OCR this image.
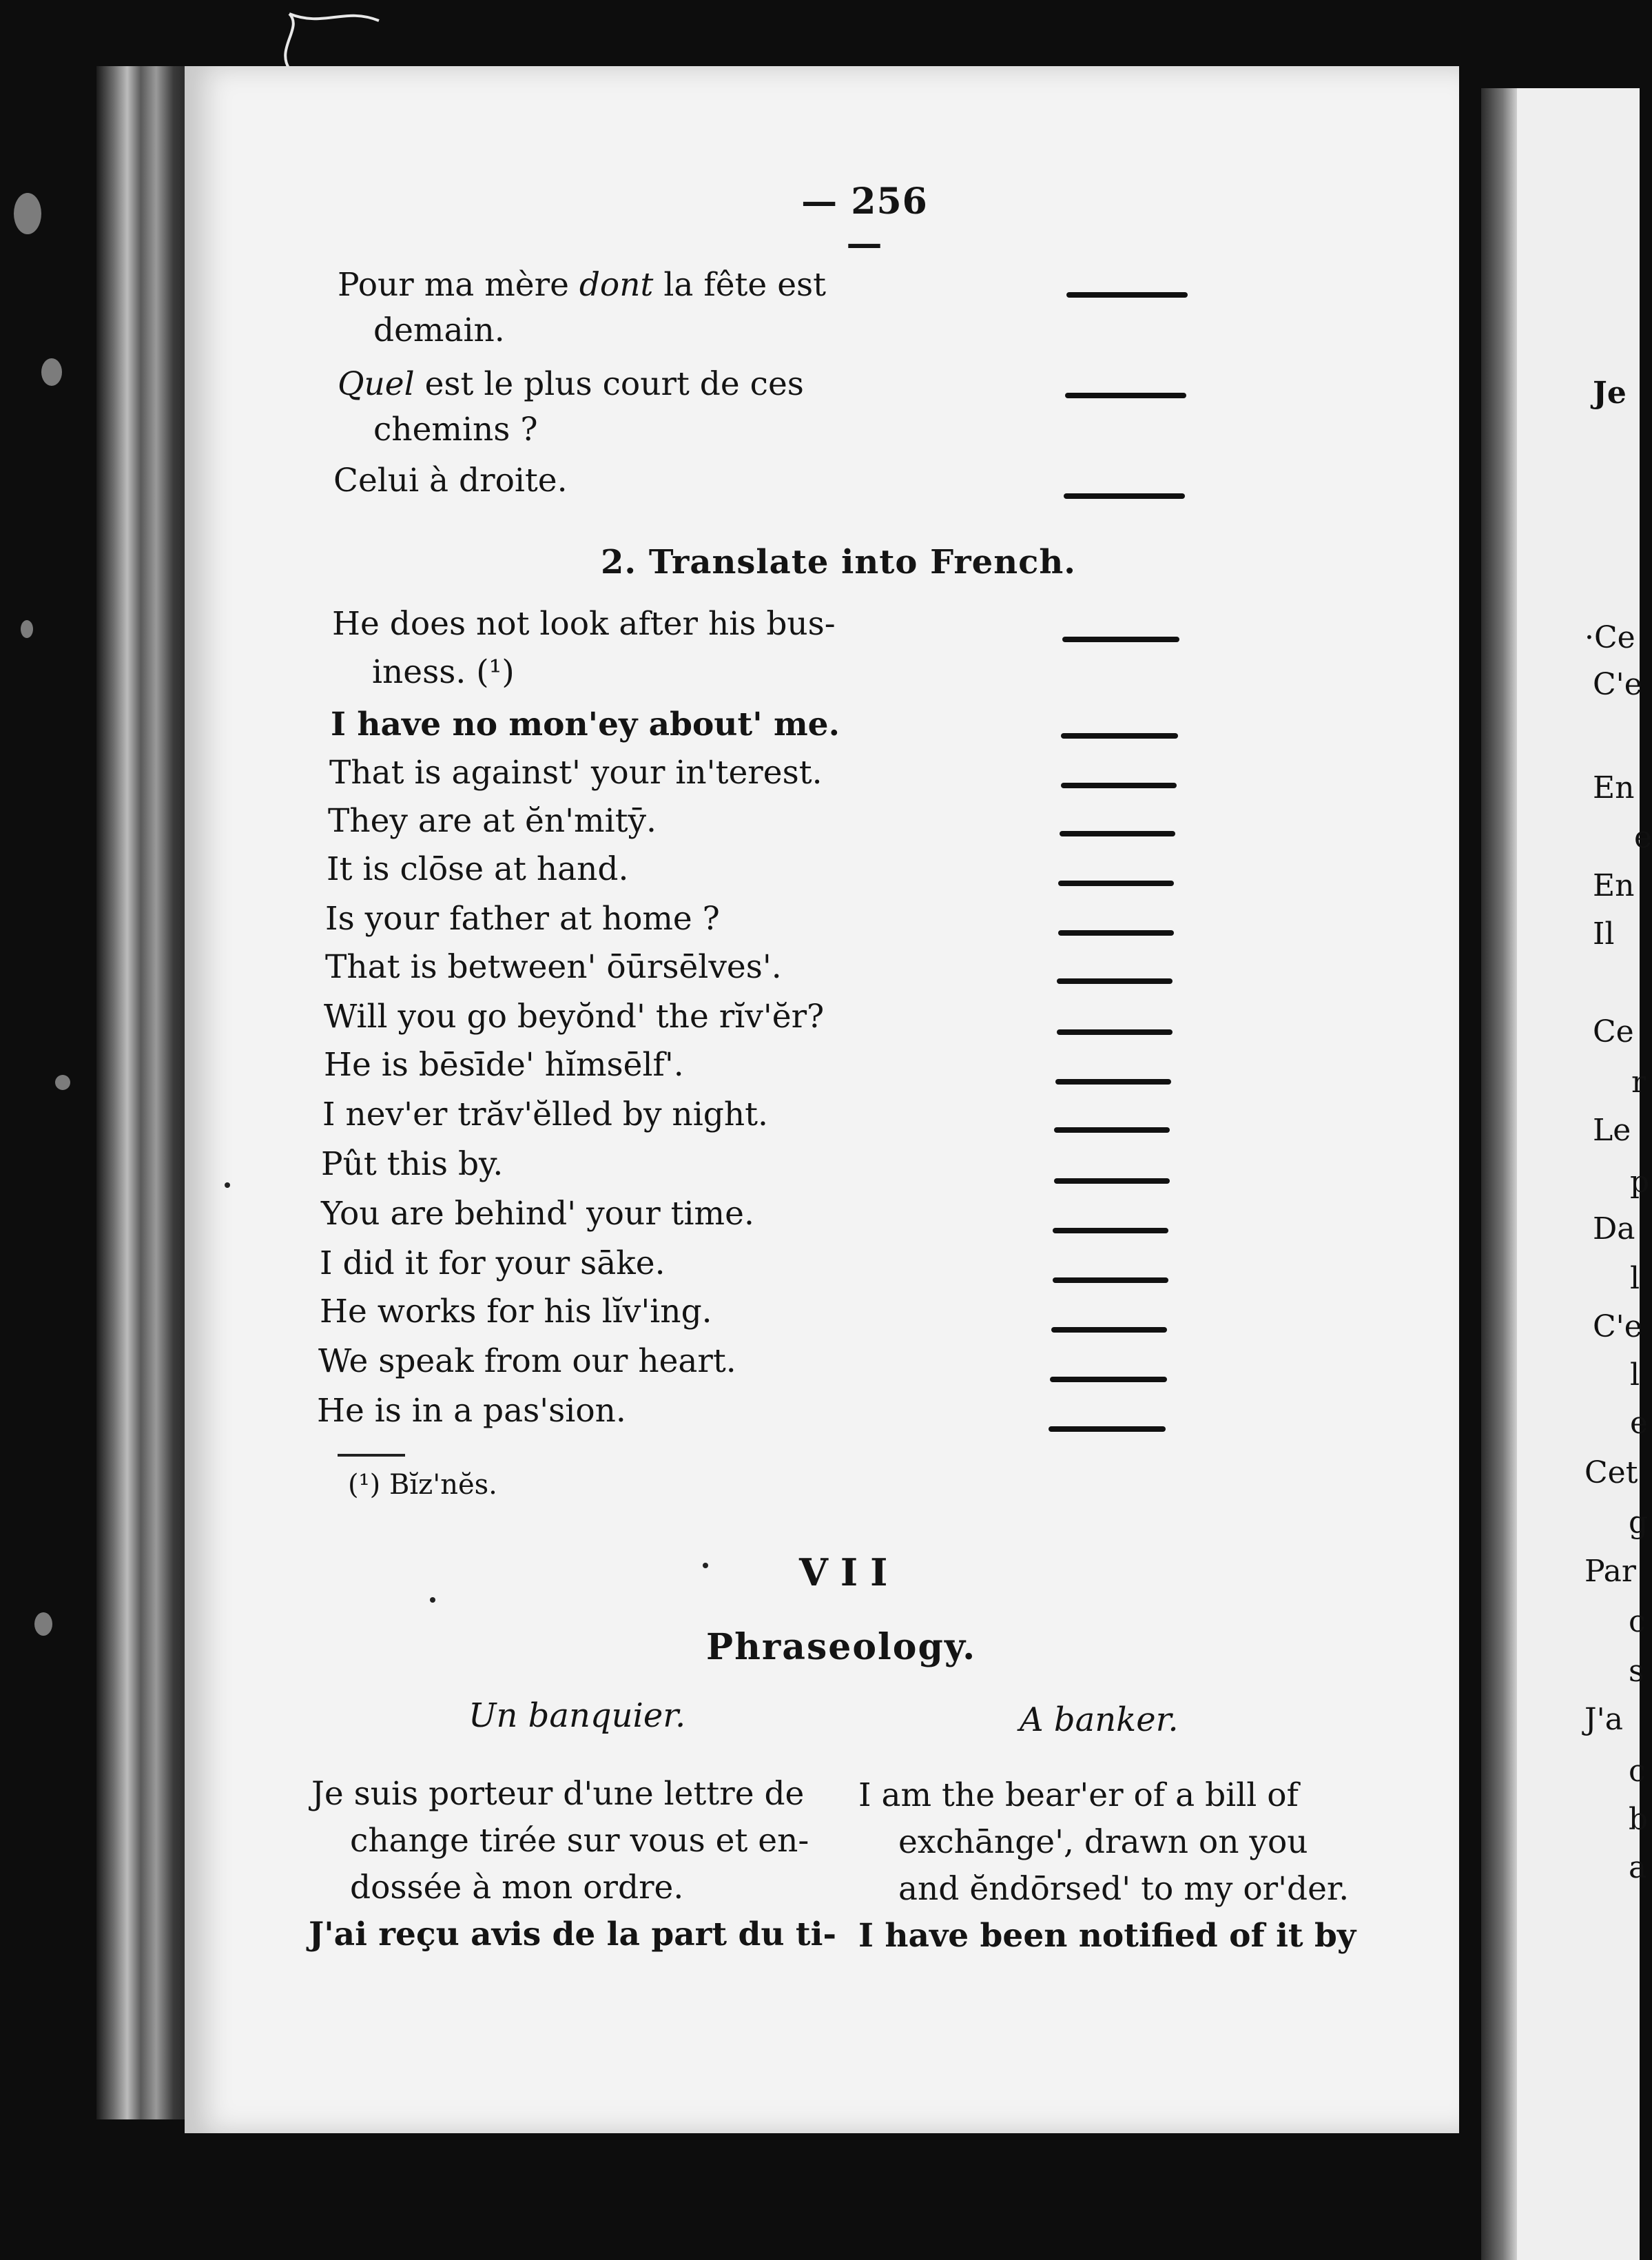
Je
·Ce
C'e
En
e
En
Il
Ce
r
Le
p
Da
l
C'e
l
e
Cet
g
Par
c
s
J'a
c
b
a
— 256 —
Pour ma mère dont la fête est
demain.
Quel est le plus court de ces
chemins ?
Celui à droite.
2. Translate into French.
He does not look after his bus-
iness. (¹)
I have no mon'ey about' me.
That is against' your in'terest.
They are at ĕn'mitȳ.
It is clōse at hand.
Is your father at home ?
That is between' ōūrsēlves'.
Will you go beyŏnd' the rĭv'ĕr?
He is bēsīde' hĭmsēlf'.
I nev'er trăv'ĕlled by night.
Pût this by.
You are behind' your time.
I did it for your sāke.
He works for his lĭv'ing.
We speak from our heart.
He is in a pas'sion.
(¹) Bĭz'nĕs.
VII
Phraseology.
Un banquier.	A banker.
Je suis porteur d'une lettre de
change tirée sur vous et en-
dossée à mon ordre.
J'ai reçu avis de la part du ti-
I am the bear'er of a bill of
exchānge', drawn on you
and ĕndōrsed' to my or'der.
I have been notified of it by
